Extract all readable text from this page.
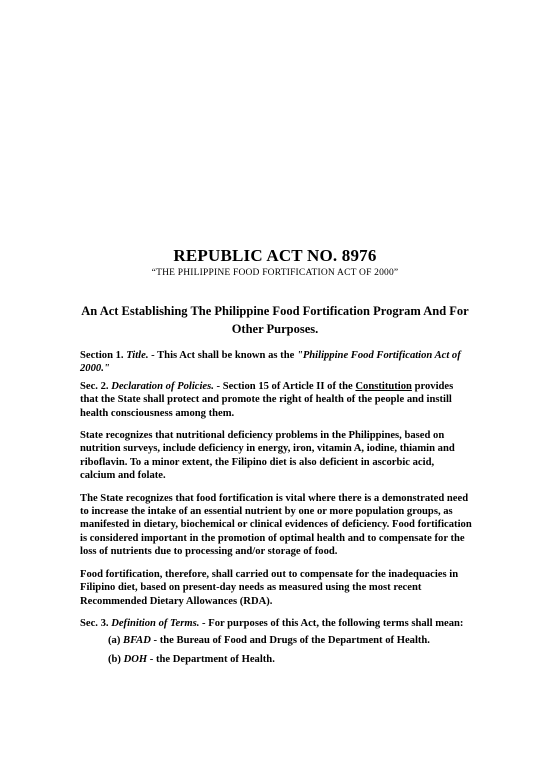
REPUBLIC ACT NO. 8976
“THE PHILIPPINE FOOD FORTIFICATION ACT OF 2000”
An Act Establishing The Philippine Food Fortification Program And For Other Purposes.

Section 1. Title. - This Act shall be known as the "Philippine Food Fortification Act of 2000."

Sec. 2. Declaration of Policies. - Section 15 of Article II of the Constitution provides that the State shall protect and promote the right of health of the people and instill health consciousness among them.

State recognizes that nutritional deficiency problems in the Philippines, based on nutrition surveys, include deficiency in energy, iron, vitamin A, iodine, thiamin and riboflavin. To a minor extent, the Filipino diet is also deficient in ascorbic acid, calcium and folate.

The State recognizes that food fortification is vital where there is a demonstrated need to increase the intake of an essential nutrient by one or more population groups, as manifested in dietary, biochemical or clinical evidences of deficiency. Food fortification is considered important in the promotion of optimal health and to compensate for the loss of nutrients due to processing and/or storage of food.

Food fortification, therefore, shall carried out to compensate for the inadequacies in Filipino diet, based on present-day needs as measured using the most recent Recommended Dietary Allowances (RDA).

Sec. 3. Definition of Terms. - For purposes of this Act, the following terms shall mean:

(a) BFAD - the Bureau of Food and Drugs of the Department of Health.

(b) DOH - the Department of Health.
